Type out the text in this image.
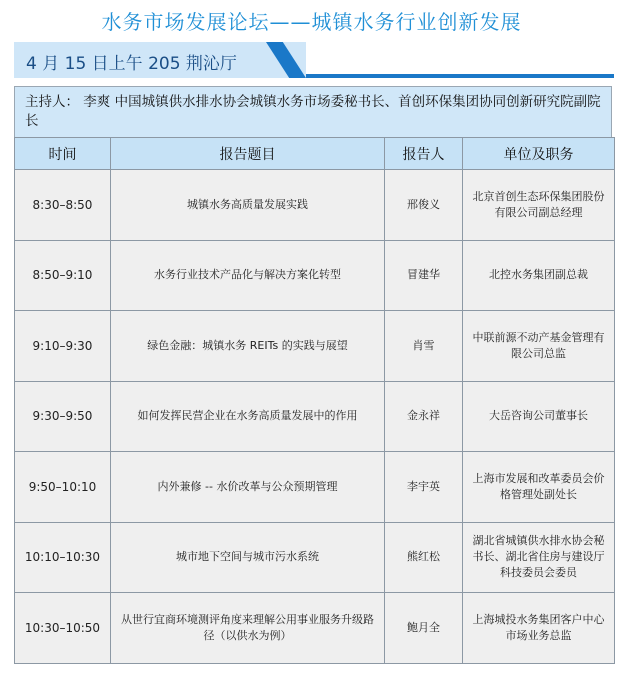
水务市场发展论坛——城镇水务行业创新发展
4 月 15 日上午 205 荆沁厅
主持人： 李爽 中国城镇供水排水协会城镇水务市场委秘书长、首创环保集团协同创新研究院副院长
时间	报告题目	报告人	单位及职务
8:30–8:50	城镇水务高质量发展实践	邢俊义	北京首创生态环保集团股份有限公司副总经理
8:50–9:10	水务行业技术产品化与解决方案化转型	冒建华	北控水务集团副总裁
9:10–9:30	绿色金融：城镇水务 REITs 的实践与展望	肖雪	中联前源不动产基金管理有限公司总监
9:30–9:50	如何发挥民营企业在水务高质量发展中的作用	金永祥	大岳咨询公司董事长
9:50–10:10	内外兼修 -- 水价改革与公众预期管理	李宇英	上海市发展和改革委员会价格管理处副处长
10:10–10:30	城市地下空间与城市污水系统	熊红松	湖北省城镇供水排水协会秘书长、湖北省住房与建设厅科技委员会委员
10:30–10:50	从世行宜商环境测评角度来理解公用事业服务升级路径（以供水为例）	鲍月全	上海城投水务集团客户中心市场业务总监
